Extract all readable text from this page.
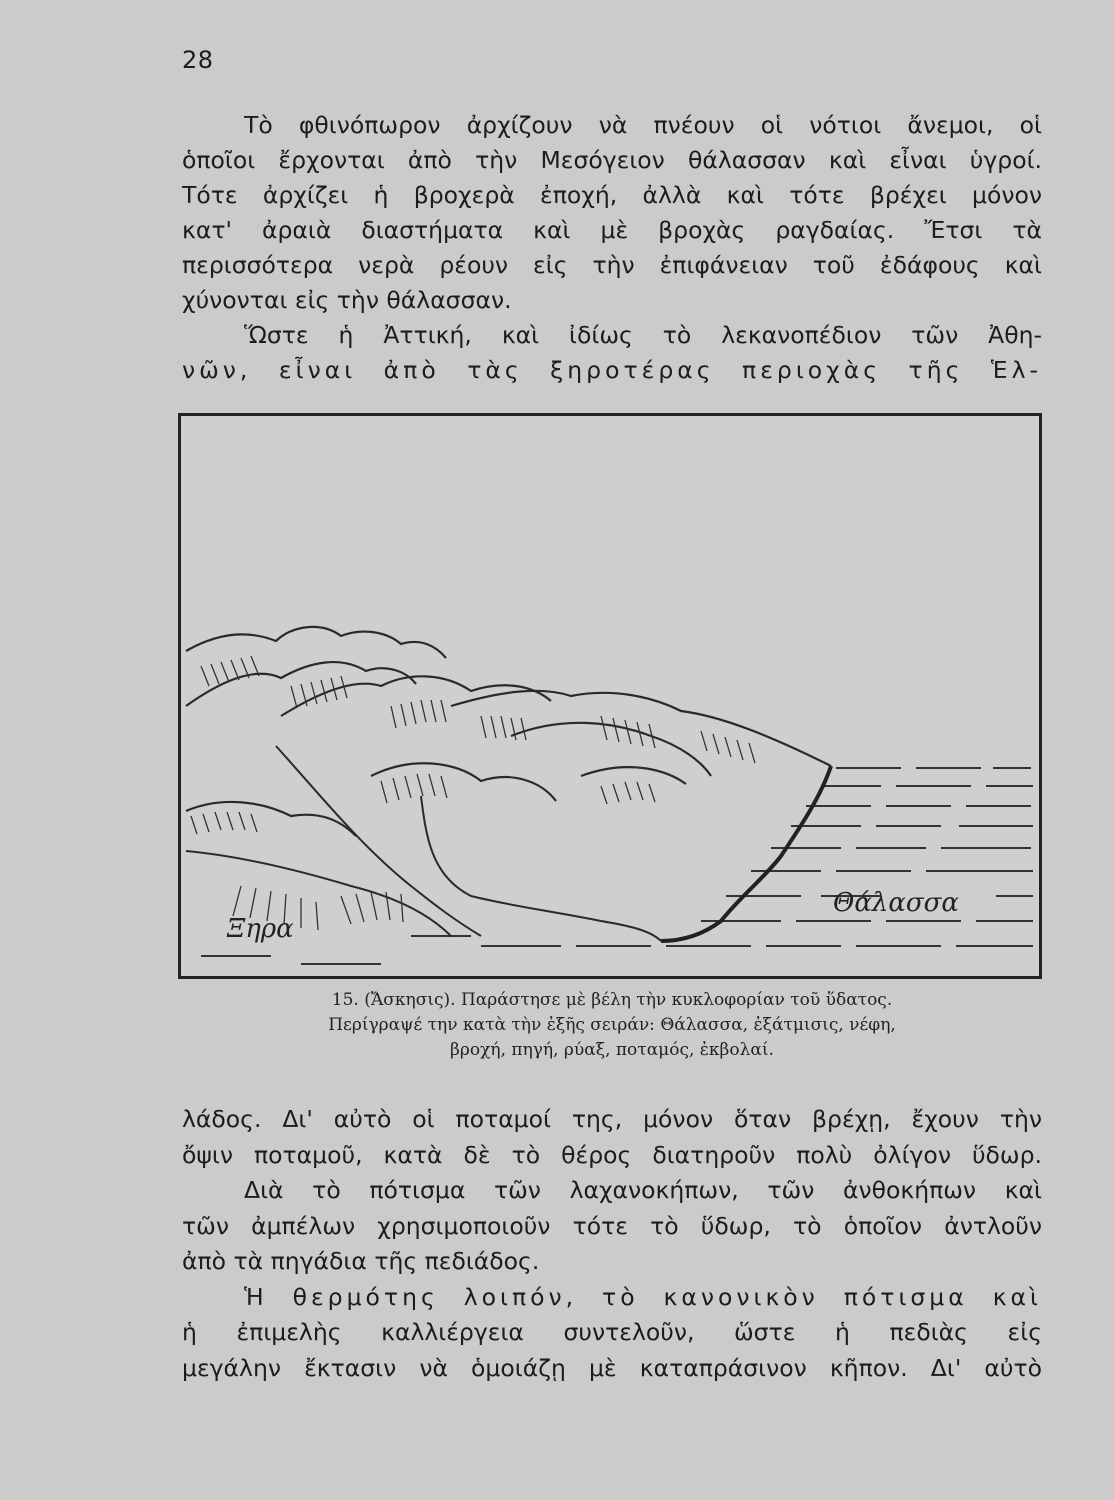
28
Τὸ φθινόπωρον ἀρχίζουν νὰ πνέουν οἱ νότιοι ἄνεμοι, οἱ
ὁποῖοι ἔρχονται ἀπὸ τὴν Μεσόγειον θάλασσαν καὶ εἶναι ὑγροί.
Τότε ἀρχίζει ἡ βροχερὰ ἐποχή, ἀλλὰ καὶ τότε βρέχει μόνον
κατ' ἀραιὰ διαστήματα καὶ μὲ βροχὰς ραγδαίας. Ἔτσι τὰ
περισσότερα νερὰ ρέουν εἰς τὴν ἐπιφάνειαν τοῦ ἐδάφους καὶ
χύνονται εἰς τὴν θάλασσαν.
Ὥστε ἡ Ἀττική, καὶ ἰδίως τὸ λεκανοπέδιον τῶν Ἀθη-
νῶν, εἶναι ἀπὸ τὰς ξηροτέρας περιοχὰς τῆς Ἑλ-
Ξηρα
Θάλασσα
15. (Ἄσκησις). Παράστησε μὲ βέλη τὴν κυκλοφορίαν τοῦ ὕδατος.
Περίγραψέ την κατὰ τὴν ἑξῆς σειράν: Θάλασσα, ἐξάτμισις, νέφη,
βροχή, πηγή, ρύαξ, ποταμός, ἐκβολαί.
λάδος. Δι' αὐτὸ οἱ ποταμοί της, μόνον ὅταν βρέχῃ, ἔχουν τὴν
ὄψιν ποταμοῦ, κατὰ δὲ τὸ θέρος διατηροῦν πολὺ ὀλίγον ὕδωρ.
Διὰ τὸ πότισμα τῶν λαχανοκήπων, τῶν ἀνθοκήπων καὶ
τῶν ἀμπέλων χρησιμοποιοῦν τότε τὸ ὕδωρ, τὸ ὁποῖον ἀντλοῦν
ἀπὸ τὰ πηγάδια τῆς πεδιάδος.
Ἡ θερμότης λοιπόν, τὸ κανονικὸν πότισμα καὶ
ἡ ἐπιμελὴς καλλιέργεια συντελοῦν, ὥστε ἡ πεδιὰς εἰς
μεγάλην ἔκτασιν νὰ ὁμοιάζῃ μὲ καταπράσινον κῆπον. Δι' αὐτὸ
